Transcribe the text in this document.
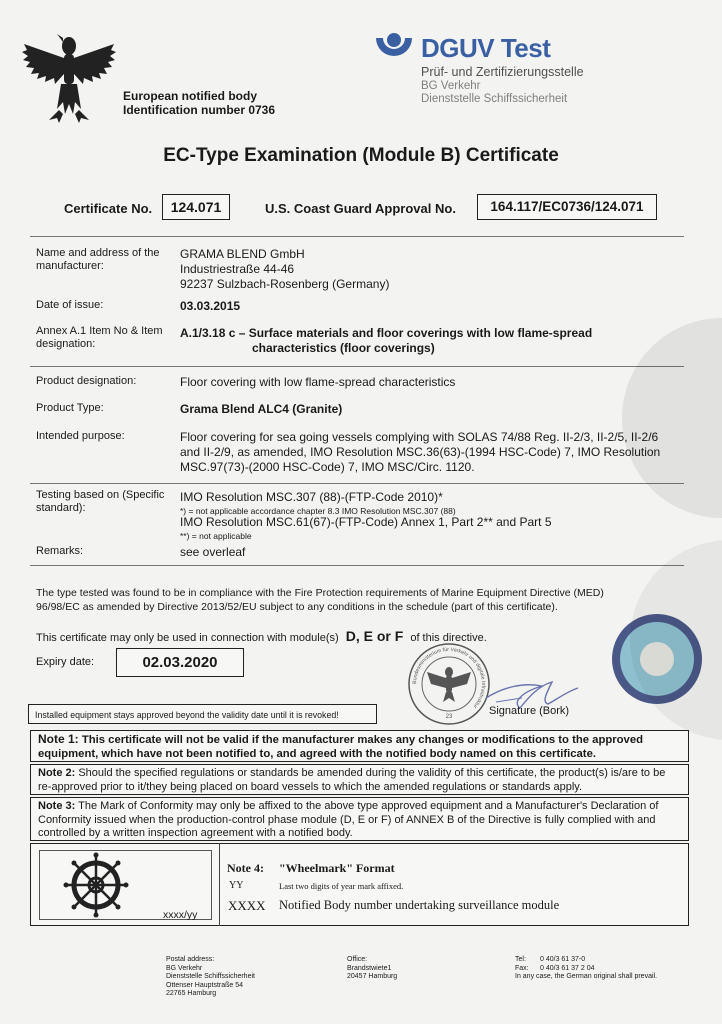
European notified body
Identification number 0736
DGUV Test
Prüf- und Zertifizierungsstelle
BG Verkehr
Dienststelle Schiffssicherheit
EC-Type Examination (Module B) Certificate
Certificate No.	124.071	U.S. Coast Guard Approval No.	164.117/EC0736/124.071
Name and address of the manufacturer:
GRAMA BLEND GmbH
Industriestraße 44-46
92237 Sulzbach-Rosenberg (Germany)
Date of issue:	03.03.2015
Annex A.1 Item No & Item designation:
A.1/3.18 c – Surface materials and floor coverings with low flame-spread
characteristics (floor coverings)
Product designation:	Floor covering with low flame-spread characteristics
Product Type:	Grama Blend ALC4 (Granite)
Intended purpose:	Floor covering for sea going vessels complying with SOLAS 74/88 Reg. II-2/3, II-2/5, II-2/6
and II-2/9, as amended, IMO Resolution MSC.36(63)-(1994 HSC-Code) 7, IMO Resolution
MSC.97(73)-(2000 HSC-Code) 7, IMO MSC/Circ. 1120.
Testing based on (Specific standard):
IMO Resolution MSC.307 (88)-(FTP-Code 2010)*
*) = not applicable accordance chapter 8.3 IMO Resolution MSC.307 (88)
IMO Resolution MSC.61(67)-(FTP-Code) Annex 1, Part 2** and Part 5
**) = not applicable
Remarks:	see overleaf
The type tested was found to be in compliance with the Fire Protection requirements of Marine Equipment Directive (MED)
96/98/EC as amended by Directive 2013/52/EU subject to any conditions in the schedule (part of this certificate).
This certificate may only be used in connection with module(s) D, E or F of this directive.
Expiry date:	02.03.2020
Bundesministerium für Verkehr und digitale Infrastruktur
23	Signature (Bork)
Installed equipment stays approved beyond the validity date until it is revoked!
Note 1: This certificate will not be valid if the manufacturer makes any changes or modifications to the approved
equipment, which have not been notified to, and agreed with the notified body named on this certificate.
Note 2: Should the specified regulations or standards be amended during the validity of this certificate, the product(s) is/are to be
re-approved prior to it/they being placed on board vessels to which the amended regulations or standards apply.
Note 3: The Mark of Conformity may only be affixed to the above type approved equipment and a Manufacturer's Declaration of
Conformity issued when the production-control phase module (D, E or F) of ANNEX B of the Directive is fully complied with and
controlled by a written inspection agreement with a notified body.
xxxx/yy
Note 4: "Wheelmark" Format
YY	Last two digits of year mark affixed.
XXXX Notified Body number undertaking surveillance module
Postal address:
BG Verkehr
Dienststelle Schiffssicherheit
Ottenser Hauptstraße 54
22765 Hamburg
Office:
Brandstwiete1
20457 Hamburg
Tel: 0 40/3 61 37-0
Fax: 0 40/3 61 37 2 04
In any case, the German original shall prevail.
